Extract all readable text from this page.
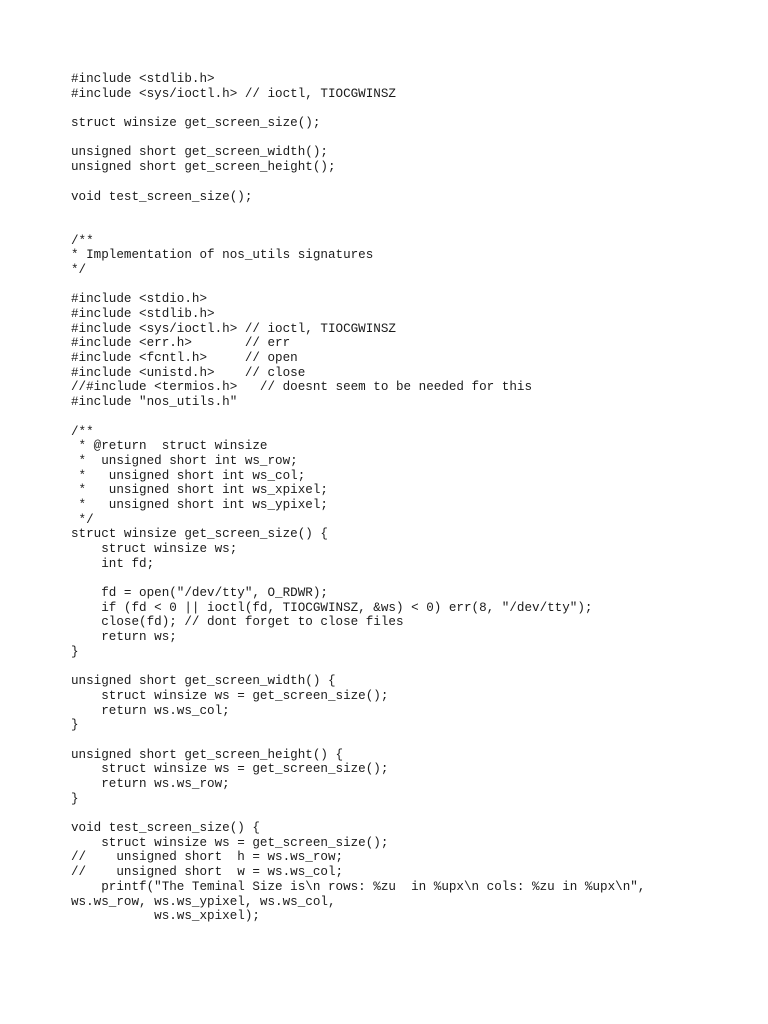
#include <stdlib.h>
#include <sys/ioctl.h> // ioctl, TIOCGWINSZ
struct winsize get_screen_size();
unsigned short get_screen_width();
unsigned short get_screen_height();
void test_screen_size();
/**
* Implementation of nos_utils signatures
*/
#include <stdio.h>
#include <stdlib.h>
#include <sys/ioctl.h> // ioctl, TIOCGWINSZ
#include <err.h>       // err
#include <fcntl.h>     // open
#include <unistd.h>    // close
//#include <termios.h>   // doesnt seem to be needed for this
#include "nos_utils.h"
/**
* @return  struct winsize
*  unsigned short int ws_row;
*   unsigned short int ws_col;
*   unsigned short int ws_xpixel;
*   unsigned short int ws_ypixel;
*/
struct winsize get_screen_size() {
struct winsize ws;
int fd;
fd = open("/dev/tty", O_RDWR);
if (fd < 0 || ioctl(fd, TIOCGWINSZ, &ws) < 0) err(8, "/dev/tty");
close(fd); // dont forget to close files
return ws;
}
unsigned short get_screen_width() {
struct winsize ws = get_screen_size();
return ws.ws_col;
}
unsigned short get_screen_height() {
struct winsize ws = get_screen_size();
return ws.ws_row;
}
void test_screen_size() {
struct winsize ws = get_screen_size();
//    unsigned short  h = ws.ws_row;
//    unsigned short  w = ws.ws_col;
printf("The Teminal Size is\n rows: %zu  in %upx\n cols: %zu in %upx\n",
ws.ws_row, ws.ws_ypixel, ws.ws_col,
ws.ws_xpixel);
